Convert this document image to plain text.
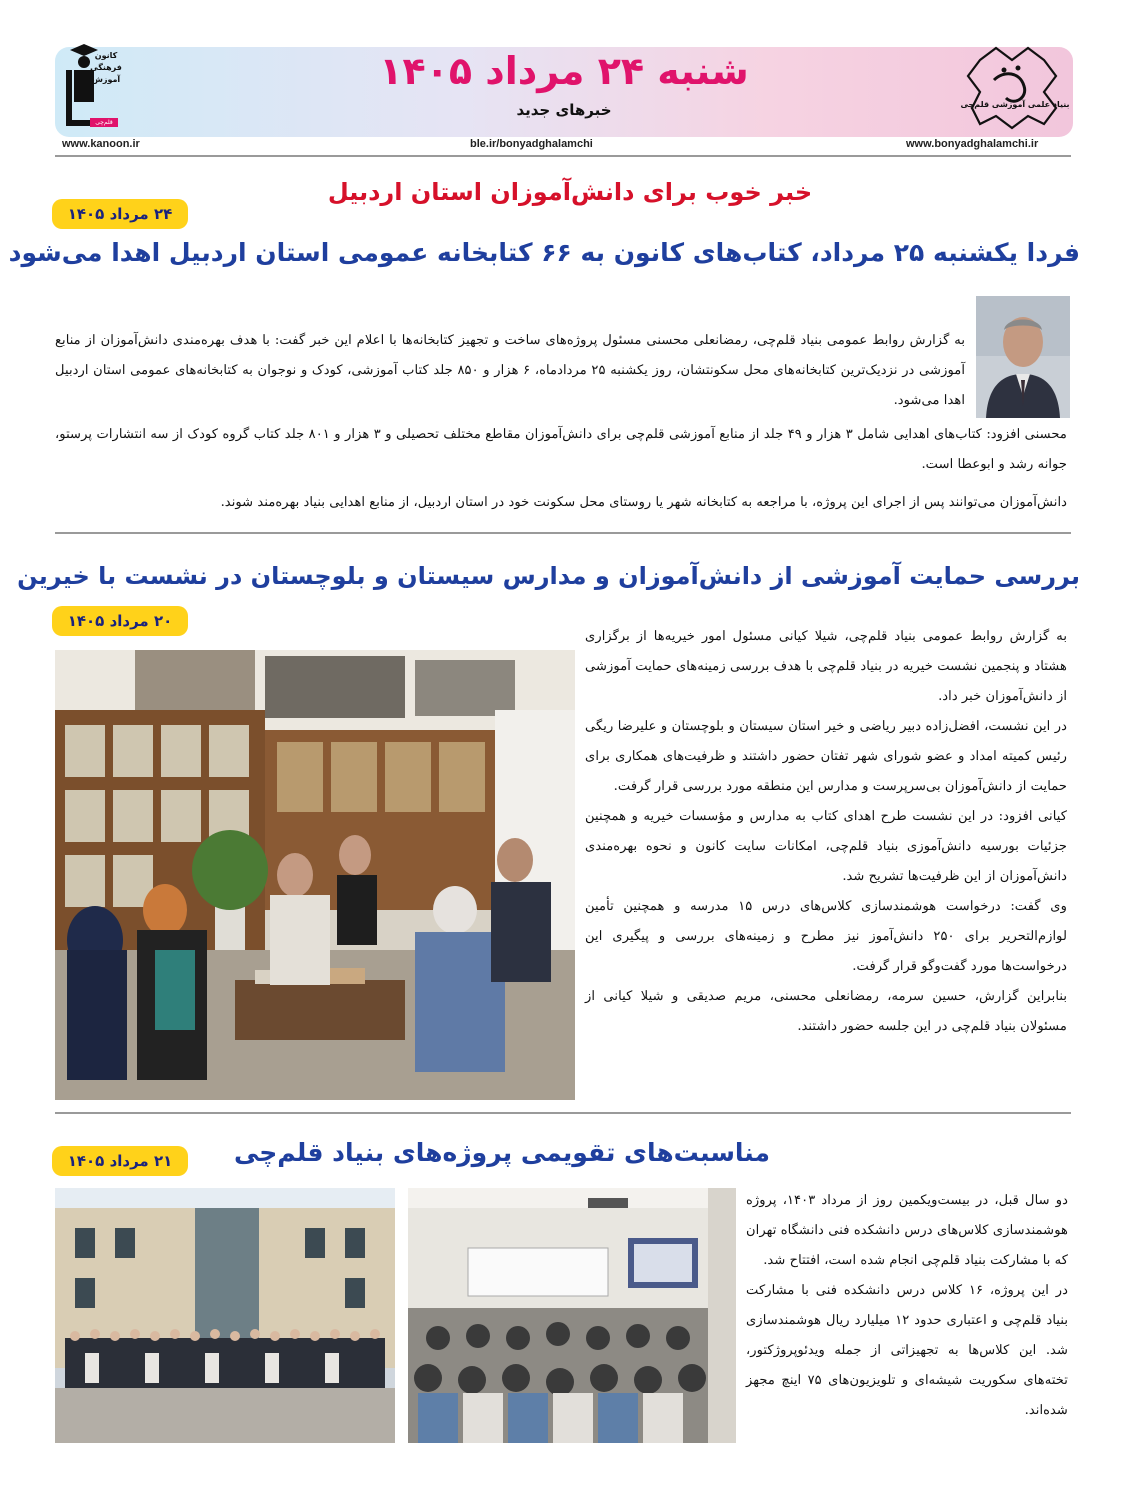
شنبه ۲۴ مرداد ۱۴۰۵
خبرهای جدید
کانون
فرهنگی
آموزش
قلم‌چی
بنیاد علمی آموزشی قلم‌چی
www.kanoon.ir	ble.ir/bonyadghalamchi	www.bonyadghalamchi.ir
۲۴ مرداد ۱۴۰۵
خبر خوب برای دانش‌آموزان استان اردبیل
فردا یکشنبه ۲۵ مرداد، کتاب‌های کانون به ۶۶ کتابخانه عمومی استان اردبیل اهدا می‌شود

به گزارش روابط عمومی بنیاد قلم‌چی، رمضانعلی محسنی مسئول پروژه‌های ساخت و تجهیز کتابخانه‌ها با اعلام این خبر گفت: با هدف بهره‌مندی دانش‌آموزان از منابع آموزشی در نزدیک‌ترین کتابخانه‌های محل سکونتشان، روز یکشنبه ۲۵ مردادماه، ۶ هزار و ۸۵۰ جلد کتاب آموزشی، کودک و نوجوان به کتابخانه‌های عمومی استان اردبیل اهدا می‌شود.

محسنی افزود: کتاب‌های اهدایی شامل ۳ هزار و ۴۹ جلد از منابع آموزشی قلم‌چی برای دانش‌آموزان مقاطع مختلف تحصیلی و ۳ هزار و ۸۰۱ جلد کتاب گروه کودک از سه انتشارات پرستو، جوانه رشد و ابوعطا است.

دانش‌آموزان می‌توانند پس از اجرای این پروژه، با مراجعه به کتابخانه شهر یا روستای محل سکونت خود در استان اردبیل، از منابع اهدایی بنیاد بهره‌مند شوند.

بررسی حمایت آموزشی از دانش‌آموزان و مدارس سیستان و بلوچستان در نشست با خیرین
۲۰ مرداد ۱۴۰۵

به گزارش روابط عمومی بنیاد قلم‌چی، شیلا کیانی مسئول امور خیریه‌ها از برگزاری هشتاد و پنجمین نشست خیریه در بنیاد قلم‌چی با هدف بررسی زمینه‌های حمایت آموزشی از دانش‌آموزان خبر داد.

در این نشست، افضل‌زاده دبیر ریاضی و خیر استان سیستان و بلوچستان و علیرضا ریگی رئیس کمیته امداد و عضو شورای شهر تفتان حضور داشتند و ظرفیت‌های همکاری برای حمایت از دانش‌آموزان بی‌سرپرست و مدارس این منطقه مورد بررسی قرار گرفت.

کیانی افزود: در این نشست طرح اهدای کتاب به مدارس و مؤسسات خیریه و همچنین جزئیات بورسیه دانش‌آموزی بنیاد قلم‌چی، امکانات سایت کانون و نحوه بهره‌مندی دانش‌آموزان از این ظرفیت‌ها تشریح شد.

وی گفت: درخواست هوشمندسازی کلاس‌های درس ۱۵ مدرسه و همچنین تأمین لوازم‌التحریر برای ۲۵۰ دانش‌آموز نیز مطرح و زمینه‌های بررسی و پیگیری این درخواست‌ها مورد گفت‌وگو قرار گرفت.

بنابراین گزارش، حسین سرمه، رمضانعلی محسنی، مریم صدیقی و شیلا کیانی از مسئولان بنیاد قلم‌چی در این جلسه حضور داشتند.

۲۱ مرداد ۱۴۰۵	مناسبت‌های تقویمی پروژه‌های بنیاد قلم‌چی

دو سال قبل، در بیست‌ویکمین روز از مرداد ۱۴۰۳، پروژه هوشمندسازی کلاس‌های درس دانشکده فنی دانشگاه تهران که با مشارکت بنیاد قلم‌چی انجام شده است، افتتاح شد.

در این پروژه، ۱۶ کلاس درس دانشکده فنی با مشارکت بنیاد قلم‌چی و اعتباری حدود ۱۲ میلیارد ریال هوشمندسازی شد. این کلاس‌ها به تجهیزاتی از جمله ویدئوپروژکتور، تخته‌های سکوریت شیشه‌ای و تلویزیون‌های ۷۵ اینچ مجهز شده‌اند.
